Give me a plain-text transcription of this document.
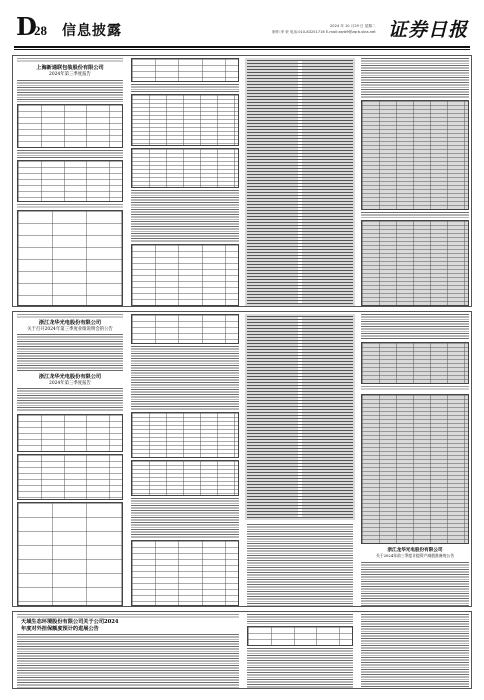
D
28 信息披露	2024 年 10 月29 日 星期二
制作:李 荣 电话:010-83251716 E-mail:zqrb9@zqrb.sina.net 证券日报
上海新通联包装股份有限公司
2024年第三季度报告
浙江龙华光电股份有限公司
关于召开2024年第三季度业绩说明会的公告
浙江龙华光电股份有限公司
2024年第三季度报告
浙江龙华光电股份有限公司
关于2024年前三季度计提资产减值准备的公告
天域生态环境股份有限公司关于公司2024
年度对外担保额度预计的进展公告
